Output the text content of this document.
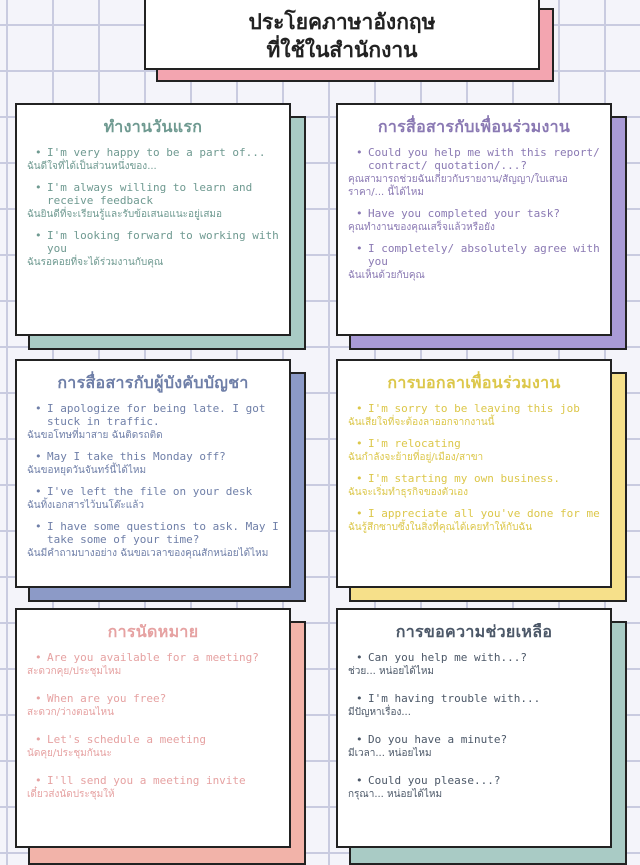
ประโยคภาษาอังกฤษ
ที่ใช้ในสำนักงาน
ทำงานวันแรก
• I'm very happy to be a part of...
ฉันดีใจที่ได้เป็นส่วนหนึ่งของ...
• I'm always willing to learn and receive feedback
ฉันยินดีที่จะเรียนรู้และรับข้อเสนอแนะอยู่เสมอ
• I'm looking forward to working with you
ฉันรอคอยที่จะได้ร่วมงานกับคุณ
การสื่อสารกับเพื่อนร่วมงาน
• Could you help me with this report/ contract/ quotation/...?
คุณสามารถช่วยฉันเกี่ยวกับรายงาน/สัญญา/ใบเสนอราคา/... นี้ได้ไหม
• Have you completed your task?
คุณทำงานของคุณเสร็จแล้วหรือยัง
• I completely/ absolutely agree with you
ฉันเห็นด้วยกับคุณ
การสื่อสารกับผู้บังคับบัญชา
• I apologize for being late. I got stuck in traffic.
ฉันขอโทษที่มาสาย ฉันติดรถติด
• May I take this Monday off?
ฉันขอหยุดวันจันทร์นี้ได้ไหม
• I've left the file on your desk
ฉันทิ้งเอกสารไว้บนโต๊ะแล้ว
• I have some questions to ask. May I take some of your time?
ฉันมีคำถามบางอย่าง ฉันขอเวลาของคุณสักหน่อยได้ไหม
การบอกลาเพื่อนร่วมงาน
• I'm sorry to be leaving this job
ฉันเสียใจที่จะต้องลาออกจากงานนี้
• I'm relocating
ฉันกำลังจะย้ายที่อยู่/เมือง/สาขา
• I'm starting my own business.
ฉันจะเริ่มทำธุรกิจของตัวเอง
• I appreciate all you've done for me
ฉันรู้สึกซาบซึ้งในสิ่งที่คุณได้เคยทำให้กับฉัน
การนัดหมาย
• Are you available for a meeting?
สะดวกคุย/ประชุมไหม
• When are you free?
สะดวก/ว่างตอนไหน
• Let's schedule a meeting
นัดคุย/ประชุมกันนะ
• I'll send you a meeting invite
เดี๋ยวส่งนัดประชุมให้
การขอความช่วยเหลือ
• Can you help me with...?
ช่วย... หน่อยได้ไหม
• I'm having trouble with...
มีปัญหาเรื่อง...
• Do you have a minute?
มีเวลา... หน่อยไหม
• Could you please...?
กรุณา... หน่อยได้ไหม
